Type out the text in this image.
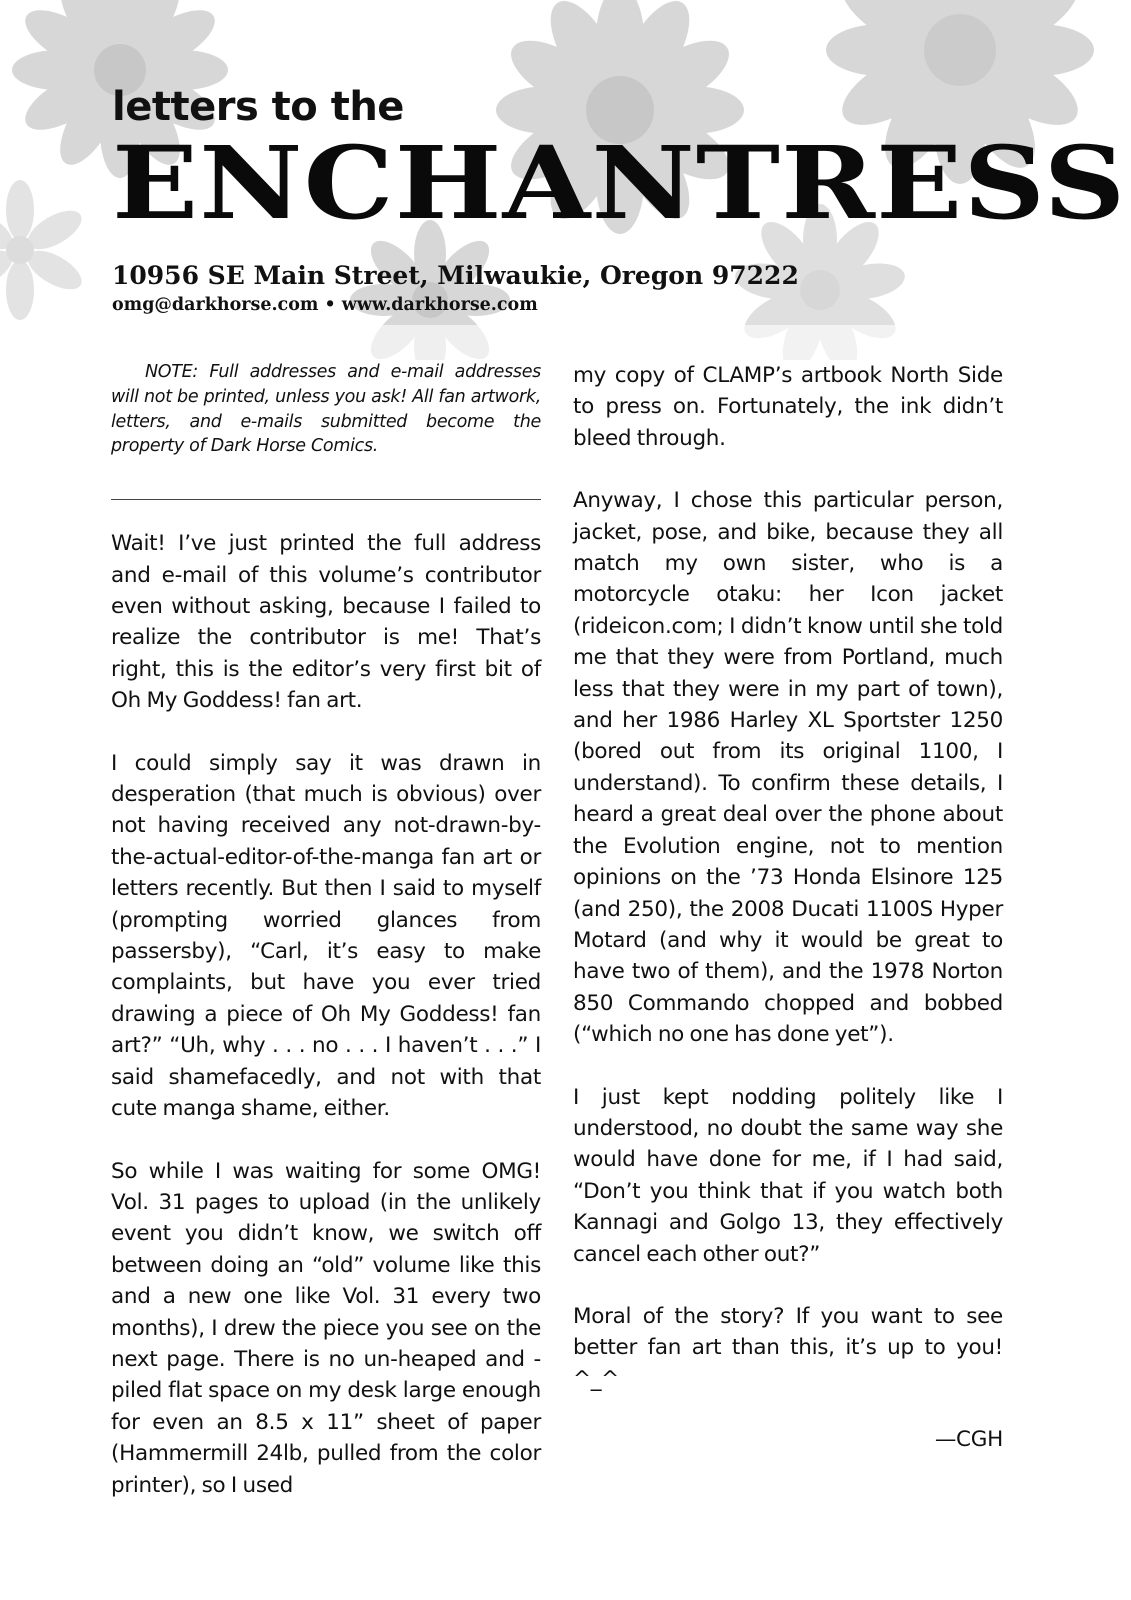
letters to the
ENCHANTRESS
10956 SE Main Street, Milwaukie, Oregon 97222
omg@darkhorse.com • www.darkhorse.com

NOTE: Full addresses and e-mail addresses will not be printed, unless you ask! All fan artwork, letters, and e-mails submitted become the property of Dark Horse Comics.

Wait! I’ve just printed the full address and e-mail of this volume’s contributor even without asking, because I failed to realize the contributor is me! That’s right, this is the editor’s very first bit of Oh My Goddess! fan art.

I could simply say it was drawn in desperation (that much is obvious) over not having received any not-drawn-by-the-actual-editor-of-the-manga fan art or letters recently. But then I said to myself (prompting worried glances from passersby), “Carl, it’s easy to make complaints, but have you ever tried drawing a piece of Oh My Goddess! fan art?” “Uh, why . . . no . . . I haven’t . . .” I said shamefacedly, and not with that cute manga shame, either.

So while I was waiting for some OMG! Vol. 31 pages to upload (in the unlikely event you didn’t know, we switch off between doing an “old” volume like this and a new one like Vol. 31 every two months), I drew the piece you see on the next page. There is no un-heaped and -piled flat space on my desk large enough for even an 8.5 x 11” sheet of paper (Hammermill 24lb, pulled from the color printer), so I used

my copy of CLAMP’s artbook North Side to press on. Fortunately, the ink didn’t bleed through.

Anyway, I chose this particular person, jacket, pose, and bike, because they all match my own sister, who is a motorcycle otaku: her Icon jacket (rideicon.com; I didn’t know until she told me that they were from Portland, much less that they were in my part of town), and her 1986 Harley XL Sportster 1250 (bored out from its original 1100, I understand). To confirm these details, I heard a great deal over the phone about the Evolution engine, not to mention opinions on the ’73 Honda Elsinore 125 (and 250), the 2008 Ducati 1100S Hyper Motard (and why it would be great to have two of them), and the 1978 Norton 850 Commando chopped and bobbed (“which no one has done yet”).

I just kept nodding politely like I understood, no doubt the same way she would have done for me, if I had said, “Don’t you think that if you watch both Kannagi and Golgo 13, they effectively cancel each other out?”

Moral of the story? If you want to see better fan art than this, it’s up to you! ^_^

—CGH
